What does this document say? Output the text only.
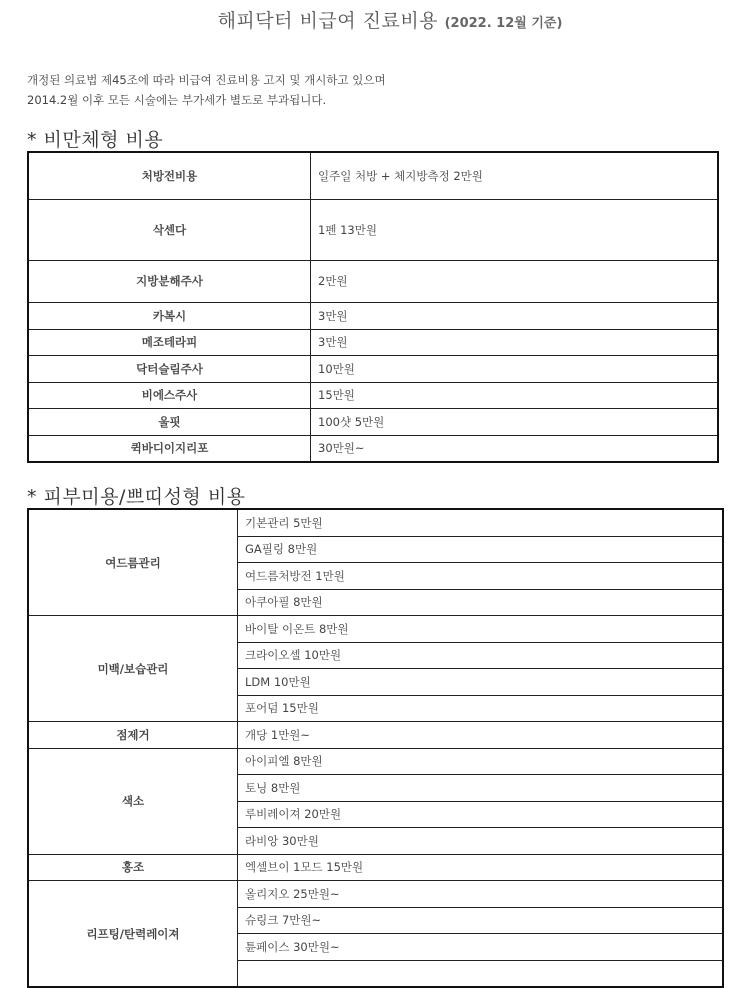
해피닥터 비급여 진료비용 (2022. 12월 기준)
개정된 의료법 제45조에 따라 비급여 진료비용 고지 및 개시하고 있으며
2014.2월 이후 모든 시술에는 부가세가 별도로 부과됩니다.
* 비만체형 비용
처방전비용	일주일 처방 + 체지방측정 2만원
삭센다	1펜 13만원
지방분해주사	2만원
카복시	3만원
메조테라피	3만원
닥터슬림주사	10만원
비에스주사	15만원
울핏	100샷 5만원
퀵바디이지리포	30만원~
* 피부미용/쁘띠성형 비용
여드름관리	기본관리 5만원
	GA필링 8만원
	여드름처방전 1만원
	아쿠아필 8만원
미백/보습관리	바이탈 이온트 8만원
	크라이오셀 10만원
	LDM 10만원
	포어덤 15만원
점제거	개당 1만원~
색소	아이피엘 8만원
	토닝 8만원
	루비레이져 20만원
	라비앙 30만원
홍조	엑셀브이 1모드 15만원
리프팅/탄력레이져	올리지오 25만원~
	슈링크 7만원~
	튠페이스 30만원~
